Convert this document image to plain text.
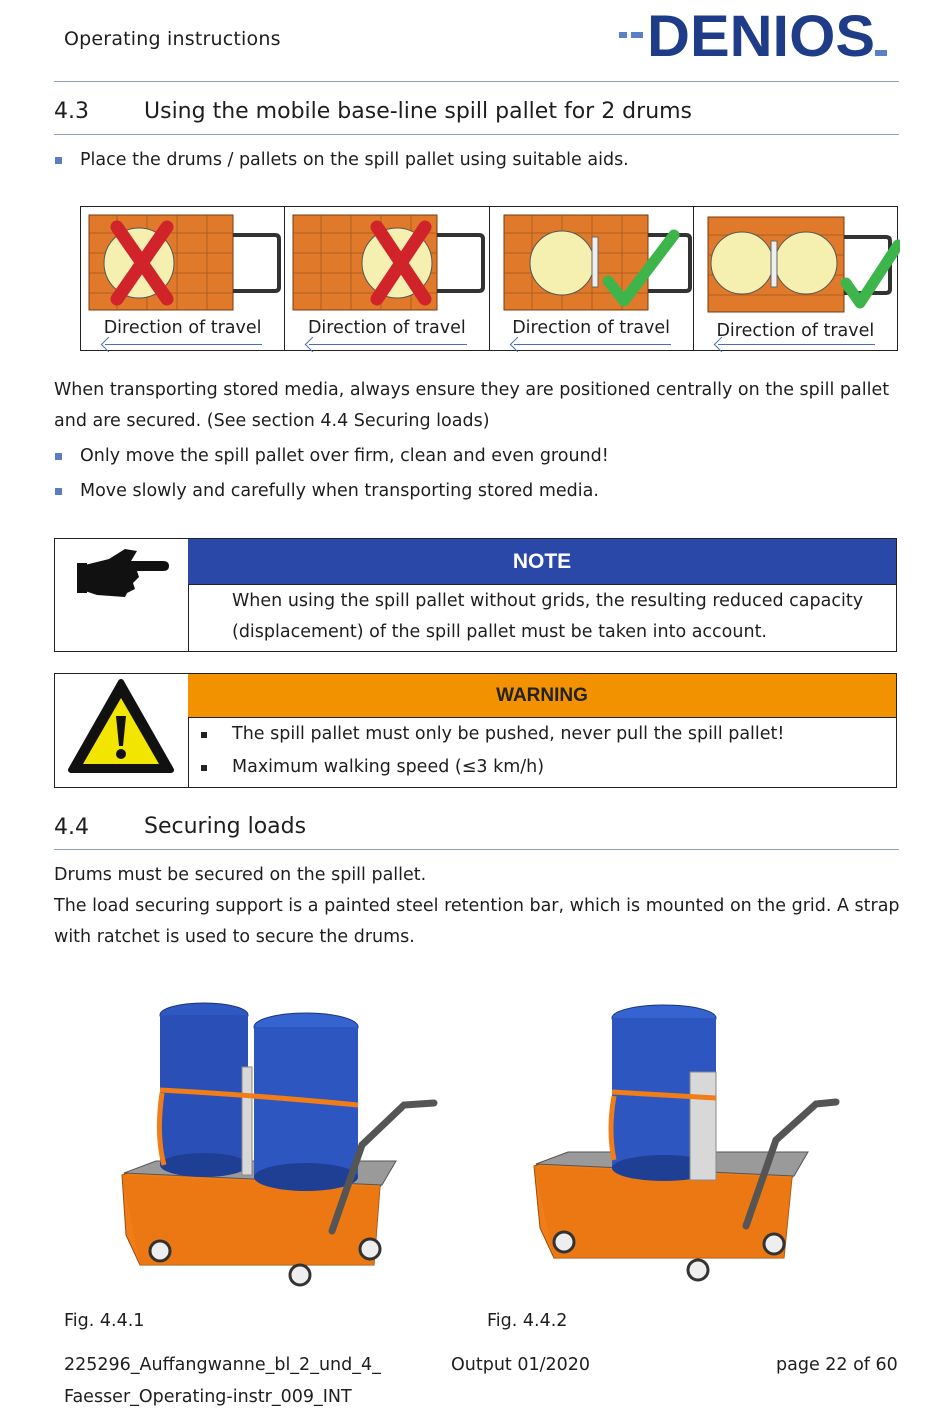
Operating instructions	DENIOS
4.3	Using the mobile base-line spill pallet for 2 drums
Place the drums / pallets on the spill pallet using suitable aids.
Direction of travel	Direction of travel	Direction of travel	Direction of travel
When transporting stored media, always ensure they are positioned centrally on the spill pallet and are secured. (See section 4.4 Securing loads)
Only move the spill pallet over firm, clean and even ground!
Move slowly and carefully when transporting stored media.
NOTE
When using the spill pallet without grids, the resulting reduced capacity (displacement) of the spill pallet must be taken into account.
WARNING
The spill pallet must only be pushed, never pull the spill pallet!
Maximum walking speed (≤3 km/h)
4.4	Securing loads
Drums must be secured on the spill pallet.
The load securing support is a painted steel retention bar, which is mounted on the grid. A strap with ratchet is used to secure the drums.
Fig. 4.4.1	Fig. 4.4.2
225296_Auffangwanne_bl_2_und_4_
Faesser_Operating-instr_009_INT
Output 01/2020	page 22 of 60
